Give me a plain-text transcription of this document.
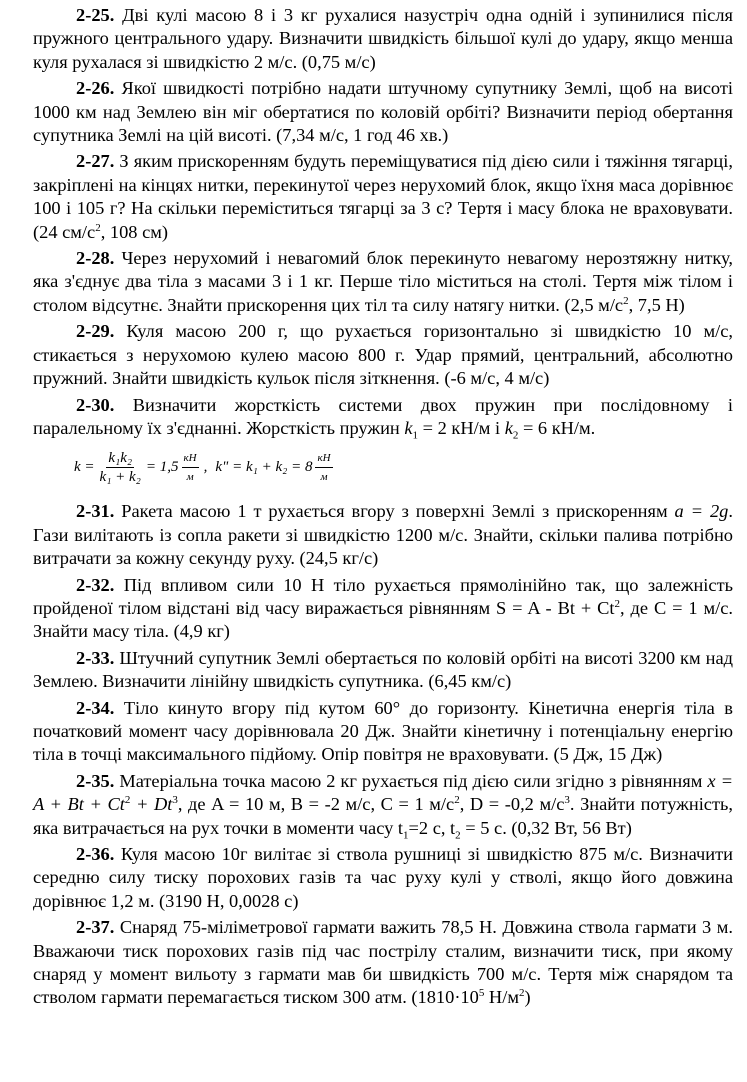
2-25. Дві кулі масою 8 і 3 кг рухалися назустріч одна одній і зупинилися після пружного центрального удару. Визначити швидкість більшої кулі до удару, якщо менша куля рухалася зі швидкістю 2 м/с. (0,75 м/с)

2-26. Якої швидкості потрібно надати штучному супутнику Землі, щоб на висоті 1000 км над Землею він міг обертатися по коловій орбіті? Визначити період обертання супутника Землі на цій висоті. (7,34 м/с, 1 год 46 хв.)

2-27. З яким прискоренням будуть переміщуватися під дією сили і тяжіння тягарці, закріплені на кінцях нитки, перекинутої через нерухомий блок, якщо їхня маса дорівнює 100 і 105 г? На скільки переміститься тягарці за 3 с? Тертя і масу блока не враховувати. (24 $см/с^2$, 108 см)

2-28. Через нерухомий і невагомий блок перекинуто невагому нерозтяжну нитку, яка з'єднує два тіла з масами 3 і 1 кг. Перше тіло міститься на столі. Тертя між тілом і столом відсутнє. Знайти прискорення цих тіл та силу натягу нитки. (2,5 $м/с^2$, 7,5 Н)

2-29. Куля масою 200 г, що рухається горизонтально зі швидкістю 10 м/с, стикається з нерухомою кулею масою 800 г. Удар прямий, центральний, абсолютно пружний. Знайти швидкість кульок після зіткнення. (-6 м/с, 4 м/с)

2-30. Визначити жорсткість системи двох пружин при послідовному і паралельному їх з'єднанні. Жорсткість пружин $k_1 = 2$ кН/м і $k_2 = 6$ кН/м.

$k = \frac{\text{k₁k₂}}{\text{k₁ + k₂}} = 1,5 \frac{кН}{м}$ , k" = $k_1 + k_2 = 8 \frac{кН}{м}$

2-31. Ракета масою 1 т рухається вгору з поверхні Землі з прискоренням a = 2g. Гази вилітають із сопла ракети зі швидкістю 1200 м/с. Знайти, скільки палива потрібно витрачати за кожну секунду руху. (24,5 кг/с)

2-32. Під впливом сили 10 Н тіло рухається прямолінійно так, що залежність пройденої тілом відстані від часу виражається рівнянням $S = A - Bt + Ct^2$, де C = 1 м/с. Знайти масу тіла. (4,9 кг)

2-33. Штучний супутник Землі обертається по коловій орбіті на висоті 3200 км над Землею. Визначити лінійну швидкість супутника. (6,45 км/с)

2-34. Тіло кинуто вгору під кутом 60° до горизонту. Кінетична енергія тіла в початковий момент часу дорівнювала 20 Дж. Знайти кінетичну і потенціальну енергію тіла в точці максимального підйому. Опір повітря не враховувати. (5 Дж, 15 Дж)

2-35. Матеріальна точка масою 2 кг рухається під дією сили згідно з рівнянням $x = A + Bt + Ct^2 + Dt^3$, де A = 10 м, B = -2 м/с, C = 1 $м/с^2$, D = -0,2 $м/с^3$. Знайти потужність, яка витрачається на рух точки в моменти часу $t_1=2$ с, $t_2 = 5$ с. (0,32 Вт, 56 Вт)

2-36. Куля масою 10г вилітає зі ствола рушниці зі швидкістю 875 м/с. Визначити середню силу тиску порохових газів та час руху кулі у стволі, якщо його довжина дорівнює 1,2 м. (3190 Н, 0,0028 с)

2-37. Снаряд 75-міліметрової гармати важить 78,5 Н. Довжина ствола гармати 3 м. Вважаючи тиск порохових газів під час пострілу сталим, визначити тиск, при якому снаряд у момент вильоту з гармати мав би швидкість 700 м/с. Тертя між снарядом та стволом гармати перемагається тиском 300 атм. ($1810\cdot 10^5$ $Н/м^2$)
